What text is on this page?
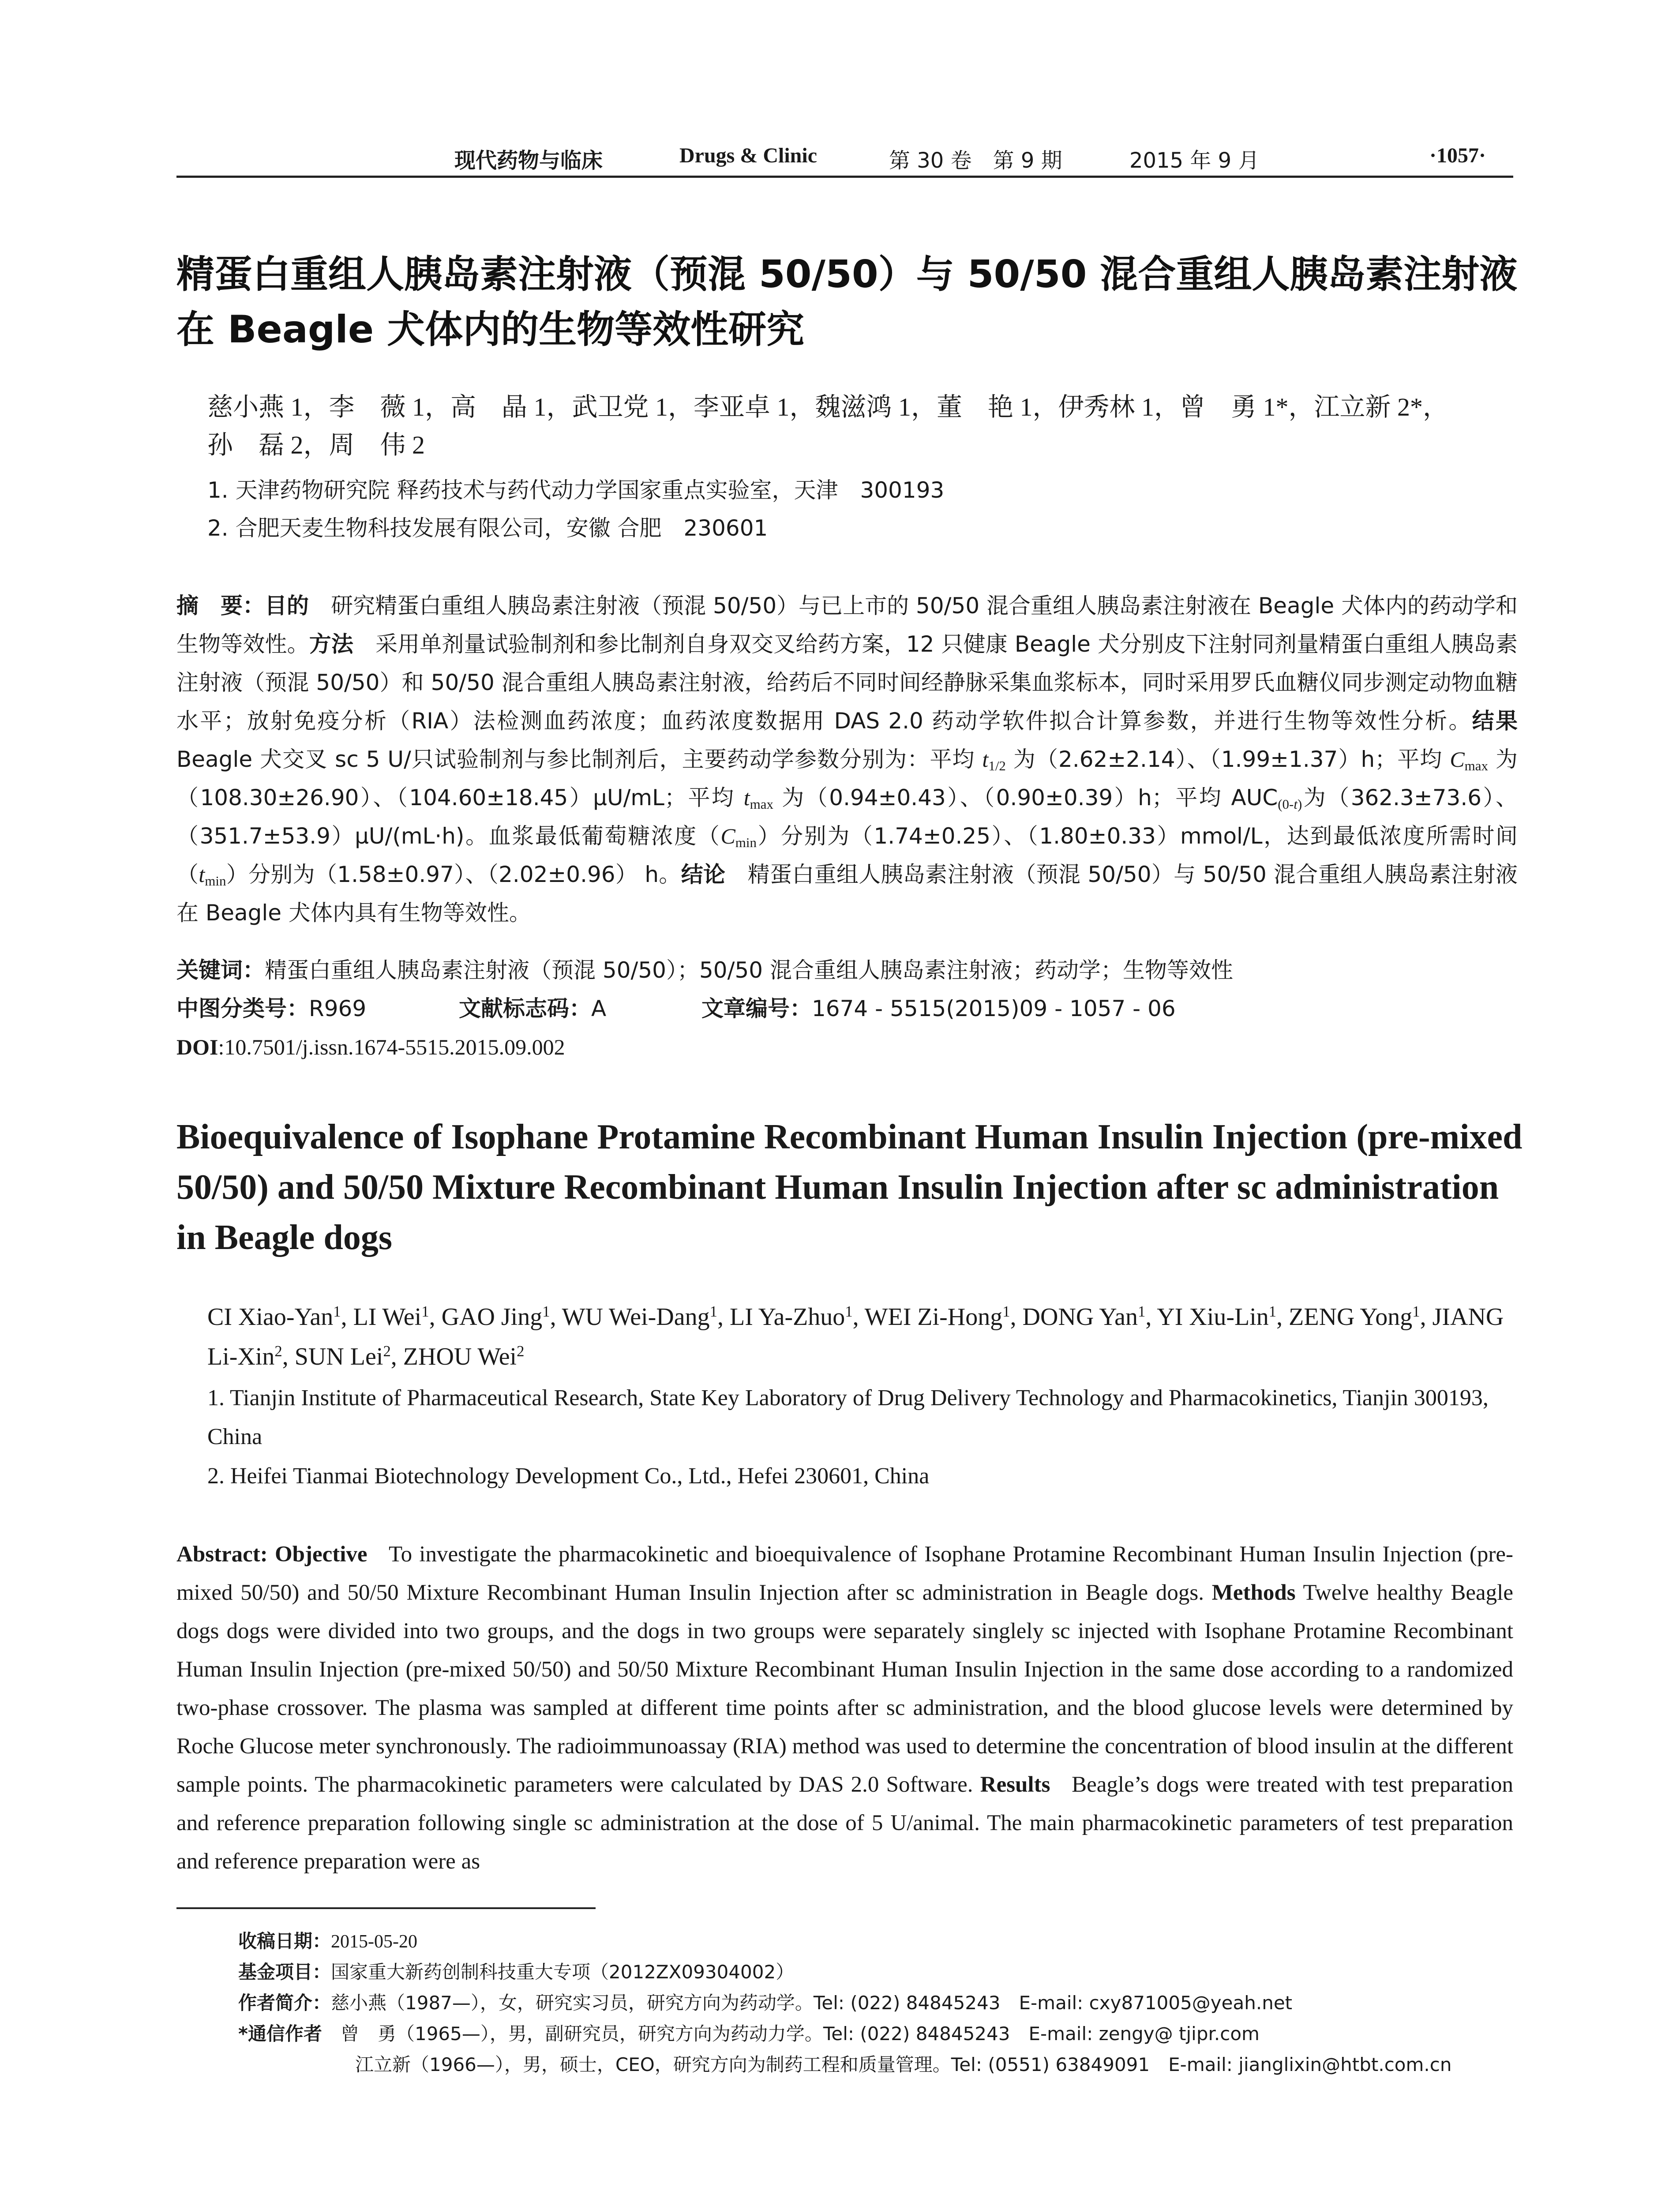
现代药物与临床	Drugs & Clinic	第 30 卷　第 9 期	2015 年 9 月	·1057·
精蛋白重组人胰岛素注射液（预混 50/50）与 50/50 混合重组人胰岛素注射液在 Beagle 犬体内的生物等效性研究
慈小燕 1，李　薇 1，高　晶 1，武卫党 1，李亚卓 1，魏滋鸿 1，董　艳 1，伊秀林 1，曾　勇 1*，江立新 2*，
孙　磊 2，周　伟 2
1. 天津药物研究院 释药技术与药代动力学国家重点实验室，天津　300193
2. 合肥天麦生物科技发展有限公司，安徽 合肥　230601
摘　要：目的　 研究精蛋白重组人胰岛素注射液（预混 50/50）与已上市的 50/50 混合重组人胰岛素注射液在 Beagle 犬体内的药动学和生物等效性。方法　 采用单剂量试验制剂和参比制剂自身双交叉给药方案，12 只健康 Beagle 犬分别皮下注射同剂量精蛋白重组人胰岛素注射液（预混 50/50）和 50/50 混合重组人胰岛素注射液，给药后不同时间经静脉采集血浆标本，同时采用罗氏血糖仪同步测定动物血糖水平；放射免疫分析（RIA）法检测血药浓度；血药浓度数据用 DAS 2.0 药动学软件拟合计算参数，并进行生物等效性分析。结果　Beagle 犬交叉 sc 5 U/只试验制剂与参比制剂后，主要药动学参数分别为：平均 $t_{1/2}$ 为（2.62±2.14）、（1.99±1.37）h；平均 $C_{max}$ 为（108.30±26.90）、（104.60±18.45）μU/mL；平均 $t_{max}$ 为（0.94±0.43）、（0.90±0.39）h；平均 $AUC_{(0-t)}$为（362.3±73.6）、（351.7±53.9）μU/(mL·h)。血浆最低葡萄糖浓度$(C_{min})$分别为（1.74±0.25）、（1.80±0.33）mmol/L，达到最低浓度所需时间$(t_{min})$分别为（1.58±0.97）、（2.02±0.96） h。结论　 精蛋白重组人胰岛素注射液（预混 50/50）与 50/50 混合重组人胰岛素注射液在 Beagle 犬体内具有生物等效性。
关键词：精蛋白重组人胰岛素注射液（预混 50/50）；50/50 混合重组人胰岛素注射液；药动学；生物等效性
中图分类号：R969	文献标志码：A	文章编号：1674 - 5515(2015)09 - 1057 - 06
DOI:10.7501/j.issn.1674-5515.2015.09.002
Bioequivalence of Isophane Protamine Recombinant Human Insulin Injection (pre-mixed 50/50) and 50/50 Mixture Recombinant Human Insulin Injection after sc administration in Beagle dogs
CI Xiao-Yan$^1$, LI Wei$^1$, GAO Jing$^1$, WU Wei-Dang$^1$, LI Ya-Zhuo$^1$, WEI Zi-Hong$^1$, DONG Yan$^1$, YI Xiu-Lin$^1$, ZENG Yong$^1$, JIANG Li-Xin$^2$, SUN Lei$^2$, ZHOU Wei$^2$
1. Tianjin Institute of Pharmaceutical Research, State Key Laboratory of Drug Delivery Technology and Pharmacokinetics, Tianjin 300193, China
2. Heifei Tianmai Biotechnology Development Co., Ltd., Hefei 230601, China
Abstract: Objective To investigate the pharmacokinetic and bioequivalence of Isophane Protamine Recombinant Human Insulin Injection (pre-mixed 50/50) and 50/50 Mixture Recombinant Human Insulin Injection after sc administration in Beagle dogs. Methods Twelve healthy Beagle dogs dogs were divided into two groups, and the dogs in two groups were separately singlely sc injected with Isophane Protamine Recombinant Human Insulin Injection (pre-mixed 50/50) and 50/50 Mixture Recombinant Human Insulin Injection in the same dose according to a randomized two-phase crossover. The plasma was sampled at different time points after sc administration, and the blood glucose levels were determined by Roche Glucose meter synchronously. The radioimmunoassay (RIA) method was used to determine the concentration of blood insulin at the different sample points. The pharmacokinetic parameters were calculated by DAS 2.0 Software. Results Beagle’s dogs were treated with test preparation and reference preparation following single sc administration at the dose of 5 U/animal. The main pharmacokinetic parameters of test preparation and reference preparation were as
收稿日期：2015-05-20
基金项目：国家重大新药创制科技重大专项（2012ZX09304002）
作者简介：慈小燕（1987—），女，研究实习员，研究方向为药动学。Tel: (022) 84845243　E-mail: cxy871005@yeah.net
*通信作者　 曾　勇（1965—），男，副研究员，研究方向为药动力学。Tel: (022) 84845243　E-mail: zengy@ tjipr.com
江立新（1966—），男，硕士，CEO，研究方向为制药工程和质量管理。Tel: (0551) 63849091　E-mail: jianglixin@htbt.com.cn
